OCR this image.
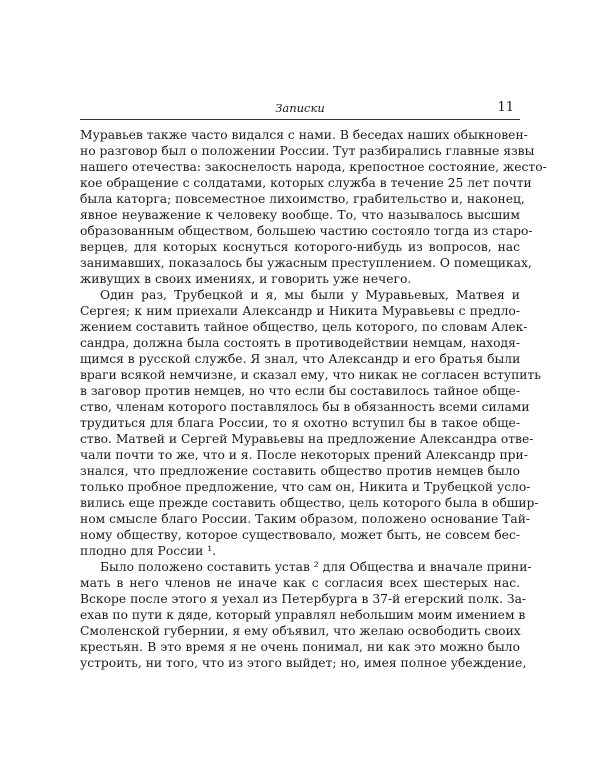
Записки	11
Муравьев также часто видался с нами. В беседах наших обыкновен-
но разговор был о положении России. Тут разбирались главные язвы
нашего отечества: закоснелость народа, крепостное состояние, жесто-
кое обращение с солдатами, которых служба в течение 25 лет почти
была каторга; повсеместное лихоимство, грабительство и, наконец,
явное неуважение к человеку вообще. То, что называлось высшим
образованным обществом, большею частию состояло тогда из старо-
верцев, для которых коснуться которого-нибудь из вопросов, нас
занимавших, показалось бы ужасным преступлением. О помещиках,
живущих в своих имениях, и говорить уже нечего.
Один раз, Трубецкой и я, мы были у Муравьевых, Матвея и
Сергея; к ним приехали Александр и Никита Муравьевы с предло-
жением составить тайное общество, цель которого, по словам Алек-
сандра, должна была состоять в противодействии немцам, находя-
щимся в русской службе. Я знал, что Александр и его братья были
враги всякой немчизне, и сказал ему, что никак не согласен вступить
в заговор против немцев, но что если бы составилось тайное обще-
ство, членам которого поставлялось бы в обязанность всеми силами
трудиться для блага России, то я охотно вступил бы в такое обще-
ство. Матвей и Сергей Муравьевы на предложение Александра отве-
чали почти то же, что и я. После некоторых прений Александр при-
знался, что предложение составить общество против немцев было
только пробное предложение, что сам он, Никита и Трубецкой усло-
вились еще прежде составить общество, цель которого была в обшир-
ном смысле благо России. Таким образом, положено основание Тай-
ному обществу, которое существовало, может быть, не совсем бес-
плодно для России ¹.
Было положено составить устав ² для Общества и вначале прини-
мать в него членов не иначе как с согласия всех шестерых нас.
Вскоре после этого я уехал из Петербурга в 37-й егерский полк. За-
ехав по пути к дяде, который управлял небольшим моим имением в
Смоленской губернии, я ему объявил, что желаю освободить своих
крестьян. В это время я не очень понимал, ни как это можно было
устроить, ни того, что из этого выйдет; но, имея полное убеждение,
